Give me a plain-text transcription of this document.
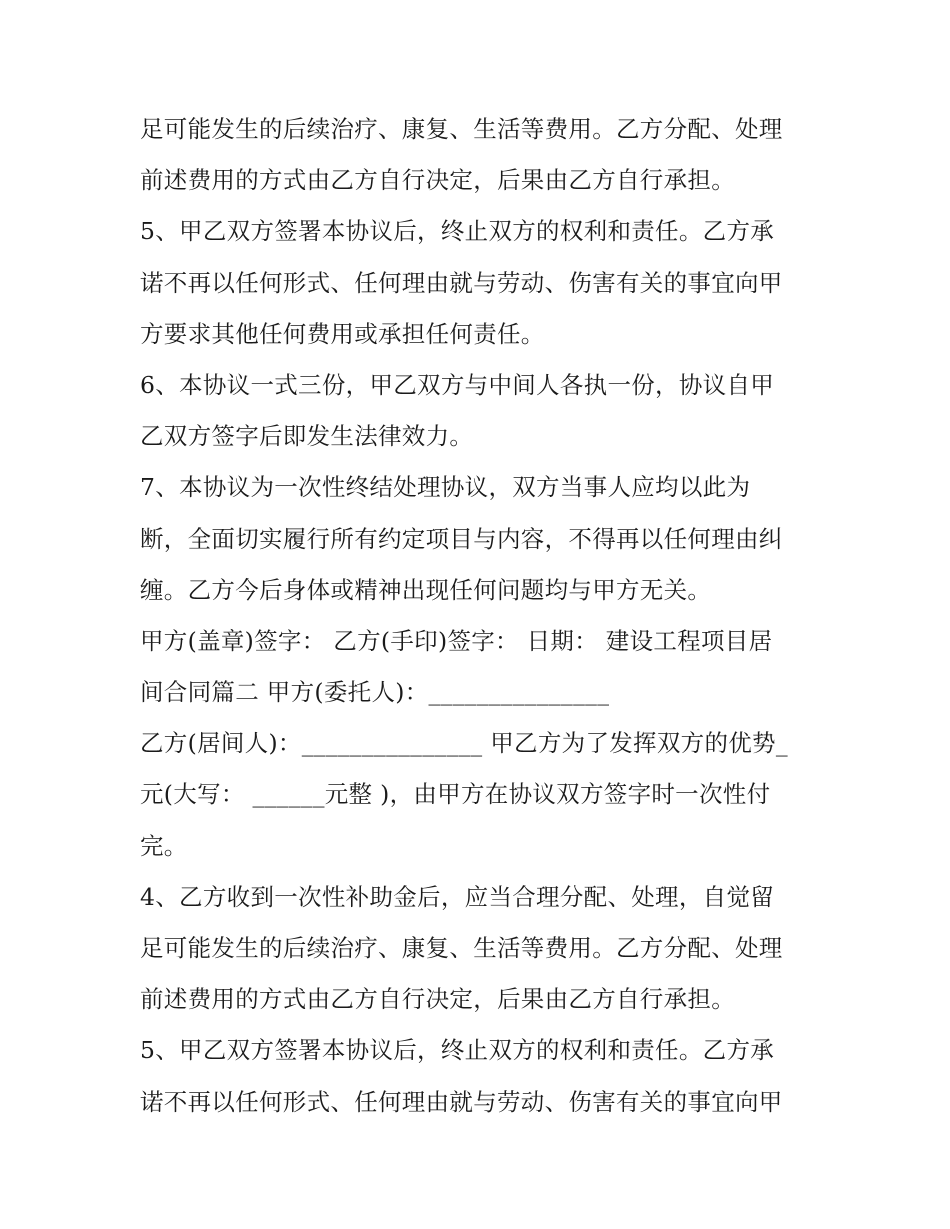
足可能发生的后续治疗、康复、生活等费用。乙方分配、处理
前述费用的方式由乙方自行决定，后果由乙方自行承担。
5、甲乙双方签署本协议后，终止双方的权利和责任。乙方承
诺不再以任何形式、任何理由就与劳动、伤害有关的事宜向甲
方要求其他任何费用或承担任何责任。
6、本协议一式三份，甲乙双方与中间人各执一份，协议自甲
乙双方签字后即发生法律效力。
7、本协议为一次性终结处理协议，双方当事人应均以此为
断，全面切实履行所有约定项目与内容，不得再以任何理由纠
缠。乙方今后身体或精神出现任何问题均与甲方无关。
甲方(盖章)签字： 乙方(手印)签字： 日期： 建设工程项目居
间合同篇二 甲方(委托人)：_______________
乙方(居间人)：_______________ 甲乙方为了发挥双方的优势_
元(大写： ______元整 )，由甲方在协议双方签字时一次性付
完。
4、乙方收到一次性补助金后，应当合理分配、处理，自觉留
足可能发生的后续治疗、康复、生活等费用。乙方分配、处理
前述费用的方式由乙方自行决定，后果由乙方自行承担。
5、甲乙双方签署本协议后，终止双方的权利和责任。乙方承
诺不再以任何形式、任何理由就与劳动、伤害有关的事宜向甲
